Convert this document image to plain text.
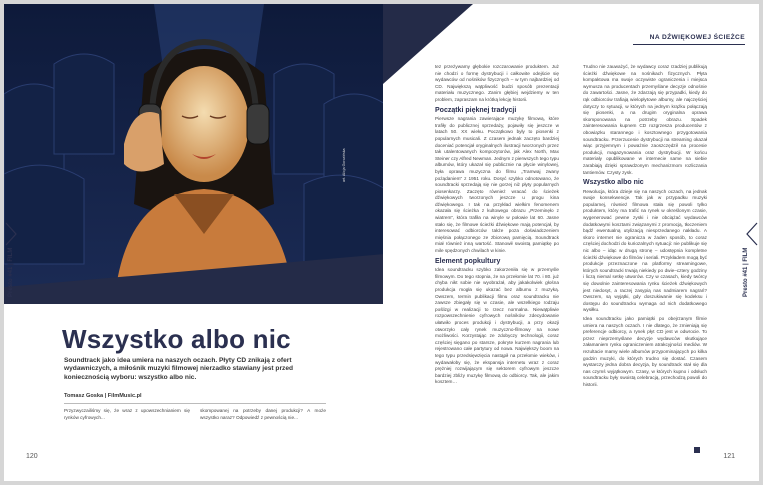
art. Alicja Gorczińska
Presto #41 | FILM
Wszystko albo nic
Soundtrack jako idea umiera na naszych oczach. Płyty CD znikają z ofert wydawniczych, a miłośnik muzyki filmowej nierzadko stawiany jest przed koniecznością wyboru: wszystko albo nic.
Tomasz Goska | FilmMusic.pl
Przyzwyczailiśmy się, że wraz z upowszechnianiem się rynków cyfrowych...
skompowanej na potrzeby danej produkcji? A może wszystko naraz? Odpowiedź z pewnością nie...
120
NA DŹWIĘKOWEJ ŚCIEŻCE

tez przeżywamy głębokie rozczarowanie produktem. Już nie chodzi o formę dystrybucji i całkowite odejście się wydawców od nośników fizycznych – w tym najbardziej od CD. Największą wątpliwość budzi sposób prezentacji materiału muzycznego. Zanim głębiej wejdziemy w ten problem, zapraszam na krótką lekcję historii.

Początki pięknej tradycji

Pierwsze nagrania zawierające muzykę filmową, które trafiły do publicznej sprzedaży, pojawiły się jeszcze w latach 50. XX wieku. Początkowo były to piosenki z popularnych musicali. Z czasem jednak zaczęto bardziej doceniać potencjał oryginalnych ilustracji tworzonych przez tak utalentowanych kompozytorów, jak Alex North, Max Steiner czy Alfred Newman. Jednym z pierwszych tego typu albumów, który ukazał się publicznie na płycie winylowej, była oprawa muzyczna do filmu „Tramwaj zwany pożądaniem” z 1951 roku. Dosyć szybko odnotowano, że soundtracki sprzedają się nie gorzej niż płyty popularnych piosenkarzy. Zaczęto również wracać do ścieżek dźwiękowych tworzonych jeszcze u progu kina dźwiękowego. I tak na przykład wielkim fenomenem okazała się ścieżka z kultowego obrazu „Przeminęło z wiatrem”, która trafiła na winyle w połowie lat 60. Jasne stało się, że filmowe ścieżki dźwiękowe mają potencjał, by interesować odbiorców także poza doświadczeniem mięśnia połączonego ze zbiorową pamięcią. Soundtrack miał również inną wartość. Stanowił swoistą pamiątkę po mile spędzonych chwilach w kinie.

Element popkultury

Idea soundtracku szybko zakorzeniła się w przemyśle filmowym. Do tego stopnia, że na przełomie lat 70. i 80. już chyba nikt sobie nie wyobrażał, aby jakakolwiek głośna produkcja mogła się ukazać bez albumu z muzyką. Owszem, termin publikacji filmu oraz soundtracku nie zawsze zbiegały się w czasie, ale wszelkiego rodzaju poślizgi w realizacji to rzecz normalna. Niewątpliwie rozpowszechnienie cyfrowych nośników zdecydowanie ułatwiło proces produkcji i dystrybucji, a przy okazji otworzyło cały rynek muzyczno-filmowy na nowe możliwości. Korzystając ze zdobyczy technologii, coraz częściej sięgano po starsze, pokryte kurzem nagrania lub rejestrowano całe partytury od nowa. Największy boom na tego typu przedsięwzięcia nastąpił na przełomie wieków, i wydawałoby się, że ekspansja internetu wraz z coraz prężniej rozwijającym się sektorem cyfrowym jeszcze bardziej zbliży muzykę filmową do odbiorcy. Tak, ale jakim kosztem…

Trudno nie zauważyć, że wydawcy coraz rzadziej publikują ścieżki dźwiękowe na nośnikach fizycznych. Płyta kompaktowa ma swoje oczywiste ograniczenia i miejsca wymusza na producentach przemyślane decyzje odnośnie do zawartości. Jasne, że zdarzają się przypadki, kiedy do rąk odbiorców trafiają wielopłytowe albumy, ale najczęściej dotyczy to sytuacji, w których na jednym krążku połączają się piosenki, a na drugim oryginalna oprawa skomponowana na potrzeby obrazu. Spadek zainteresowania kupnem CD rozgrzesza producentów z obowiązku starannego i kosztownego przygotowania soundtracku. Przerzucenie dystrybucji na streaming okazał wiąc przyjemnym i poważnie zaoszczędził na procesie produkcji, magazynowania oraz dystrybucji. W końcu materiały opublikowane w internecie same na siebie zarabiają dzięki sprawdzonym mechanizmom rozliczania tantiemów. Czysty zysk.

Wszystko albo nic

Rewolucja, która dzieje się na naszych oczach, na jednak swoje konsekwencje. Tak jak w przypadku muzyki popularnej, również filmowa stała się powoli tylko produktem, który ma trafić na rynek w określonym czasie, wygenerować pewne zyski i nie obciążać wydawców dodatkowymi kosztami związanymi z promocją, tłoczeniem bądź ewentualną utylizacją niesprzedanego nakładu. A skoro internet nie ogranicza w żaden sposób, to coraz częściej dochodzi do kuriozalnych sytuacji: nie publikuje się nic albo – idąc w drugą stronę – udostępnia kompletne ścieżki dźwiękowe do filmów i seriali. Przykładem mogą być produkcje przeznaczone na platformy streamingowe, których soundtracki trwają niekiedy po dwie–cztery godziny i liczą niemal setkę utworów. Czy w czasach, kiedy twórcy się dowolnie zainteresowania rynku ścieżek dźwiękowych jest niedosyt, a raczej zasypią nas nadmiarem nagrań? Owszem, są wyjątki, gdy doszukiwanie się kodeksu i dostępu do soundtracku wymaga od nich dodatkowego wysiłku.

Idea soundtracku jako pamiątki po obejrzanym filmie umiera na naszych oczach. I nie dlatego, że zmieniają się preferencje odbiorcy, a rynek płyt CD jest w odwrocie. To przez nieprzemyślane decyzje wydawców skutkujące załamaniem rynku ograniczeniem atrakcyjności mediów. W rezultacie mamy wiele albumów przypominających po kilka godzin muzyki, do których trudno się dostać. Czasem wystarczy jedna dobra decyzja, by soundtrack stał się dla nas czymś wyjątkowym. Czasy, w których kupno i odsłuch soundtracku były swoistą celebracją, przechodzą powoli do historii.

121
Presto #41 | FILM
